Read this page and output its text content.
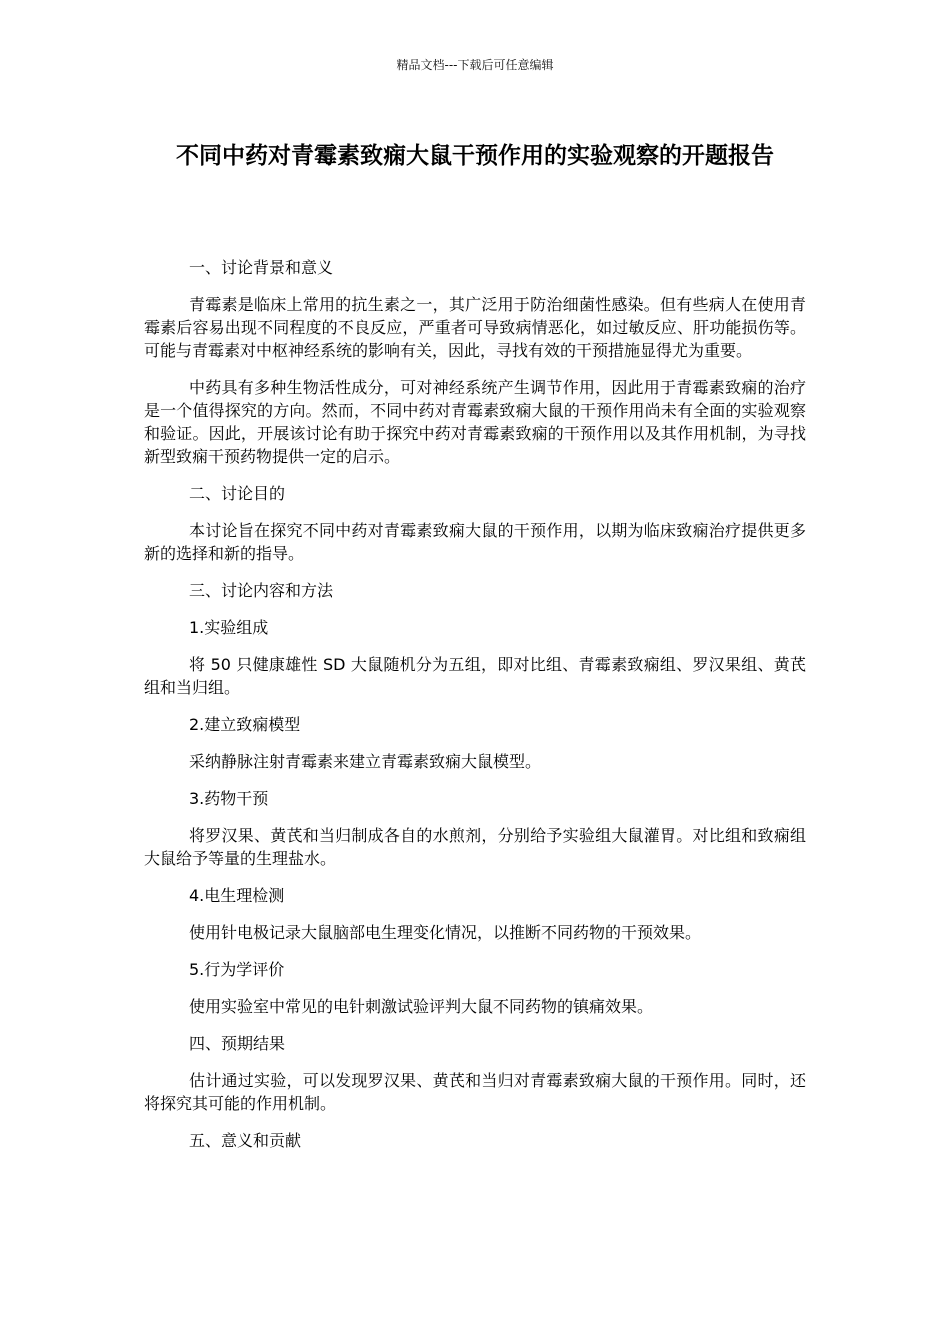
精品文档---下载后可任意编辑
不同中药对青霉素致痫大鼠干预作用的实验观察的开题报告

一、讨论背景和意义

青霉素是临床上常用的抗生素之一，其广泛用于防治细菌性感染。但有些病人在使用青霉素后容易出现不同程度的不良反应，严重者可导致病情恶化，如过敏反应、肝功能损伤等。可能与青霉素对中枢神经系统的影响有关，因此，寻找有效的干预措施显得尤为重要。

中药具有多种生物活性成分，可对神经系统产生调节作用，因此用于青霉素致痫的治疗是一个值得探究的方向。然而，不同中药对青霉素致痫大鼠的干预作用尚未有全面的实验观察和验证。因此，开展该讨论有助于探究中药对青霉素致痫的干预作用以及其作用机制，为寻找新型致痫干预药物提供一定的启示。

二、讨论目的

本讨论旨在探究不同中药对青霉素致痫大鼠的干预作用，以期为临床致痫治疗提供更多新的选择和新的指导。

三、讨论内容和方法

1.实验组成

将 50 只健康雄性 SD 大鼠随机分为五组，即对比组、青霉素致痫组、罗汉果组、黄芪组和当归组。

2.建立致痫模型

采纳静脉注射青霉素来建立青霉素致痫大鼠模型。

3.药物干预

将罗汉果、黄芪和当归制成各自的水煎剂，分别给予实验组大鼠灌胃。对比组和致痫组大鼠给予等量的生理盐水。

4.电生理检测

使用针电极记录大鼠脑部电生理变化情况，以推断不同药物的干预效果。

5.行为学评价

使用实验室中常见的电针刺激试验评判大鼠不同药物的镇痛效果。

四、预期结果

估计通过实验，可以发现罗汉果、黄芪和当归对青霉素致痫大鼠的干预作用。同时，还将探究其可能的作用机制。

五、意义和贡献
